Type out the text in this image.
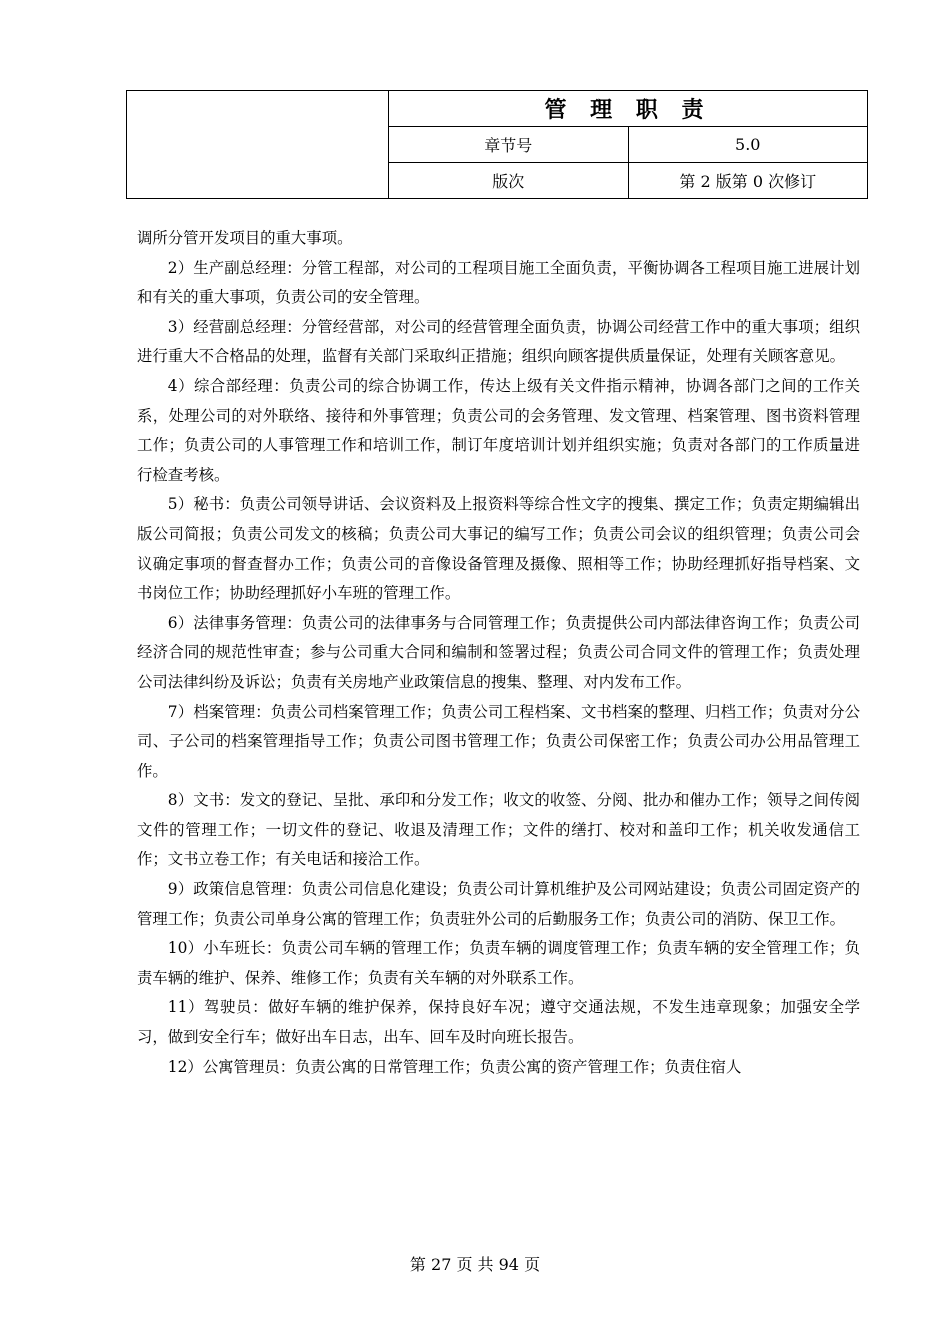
	管 理 职 责	
	章节号	5.0
	版次	第 2 版第 0 次修订

调所分管开发项目的重大事项。

2）生产副总经理：分管工程部，对公司的工程项目施工全面负责，平衡协调各工程项目施工进展计划和有关的重大事项，负责公司的安全管理。

3）经营副总经理：分管经营部，对公司的经营管理全面负责，协调公司经营工作中的重大事项；组织进行重大不合格品的处理，监督有关部门采取纠正措施；组织向顾客提供质量保证，处理有关顾客意见。

4）综合部经理：负责公司的综合协调工作，传达上级有关文件指示精神，协调各部门之间的工作关系，处理公司的对外联络、接待和外事管理；负责公司的会务管理、发文管理、档案管理、图书资料管理工作；负责公司的人事管理工作和培训工作，制订年度培训计划并组织实施；负责对各部门的工作质量进行检查考核。

5）秘书：负责公司领导讲话、会议资料及上报资料等综合性文字的搜集、撰定工作；负责定期编辑出版公司简报；负责公司发文的核稿；负责公司大事记的编写工作；负责公司会议的组织管理；负责公司会议确定事项的督查督办工作；负责公司的音像设备管理及摄像、照相等工作；协助经理抓好指导档案、文书岗位工作；协助经理抓好小车班的管理工作。

6）法律事务管理：负责公司的法律事务与合同管理工作；负责提供公司内部法律咨询工作；负责公司经济合同的规范性审查；参与公司重大合同和编制和签署过程；负责公司合同文件的管理工作；负责处理公司法律纠纷及诉讼；负责有关房地产业政策信息的搜集、整理、对内发布工作。

7）档案管理：负责公司档案管理工作；负责公司工程档案、文书档案的整理、归档工作；负责对分公司、子公司的档案管理指导工作；负责公司图书管理工作；负责公司保密工作；负责公司办公用品管理工作。

8）文书：发文的登记、呈批、承印和分发工作；收文的收签、分阅、批办和催办工作；领导之间传阅文件的管理工作；一切文件的登记、收退及清理工作；文件的缮打、校对和盖印工作；机关收发通信工作；文书立卷工作；有关电话和接洽工作。

9）政策信息管理：负责公司信息化建设；负责公司计算机维护及公司网站建设；负责公司固定资产的管理工作；负责公司单身公寓的管理工作；负责驻外公司的后勤服务工作；负责公司的消防、保卫工作。

10）小车班长：负责公司车辆的管理工作；负责车辆的调度管理工作；负责车辆的安全管理工作；负责车辆的维护、保养、维修工作；负责有关车辆的对外联系工作。

11）驾驶员：做好车辆的维护保养，保持良好车况；遵守交通法规，不发生违章现象；加强安全学习，做到安全行车；做好出车日志，出车、回车及时向班长报告。

12）公寓管理员：负责公寓的日常管理工作；负责公寓的资产管理工作；负责住宿人

第 27 页 共 94 页
